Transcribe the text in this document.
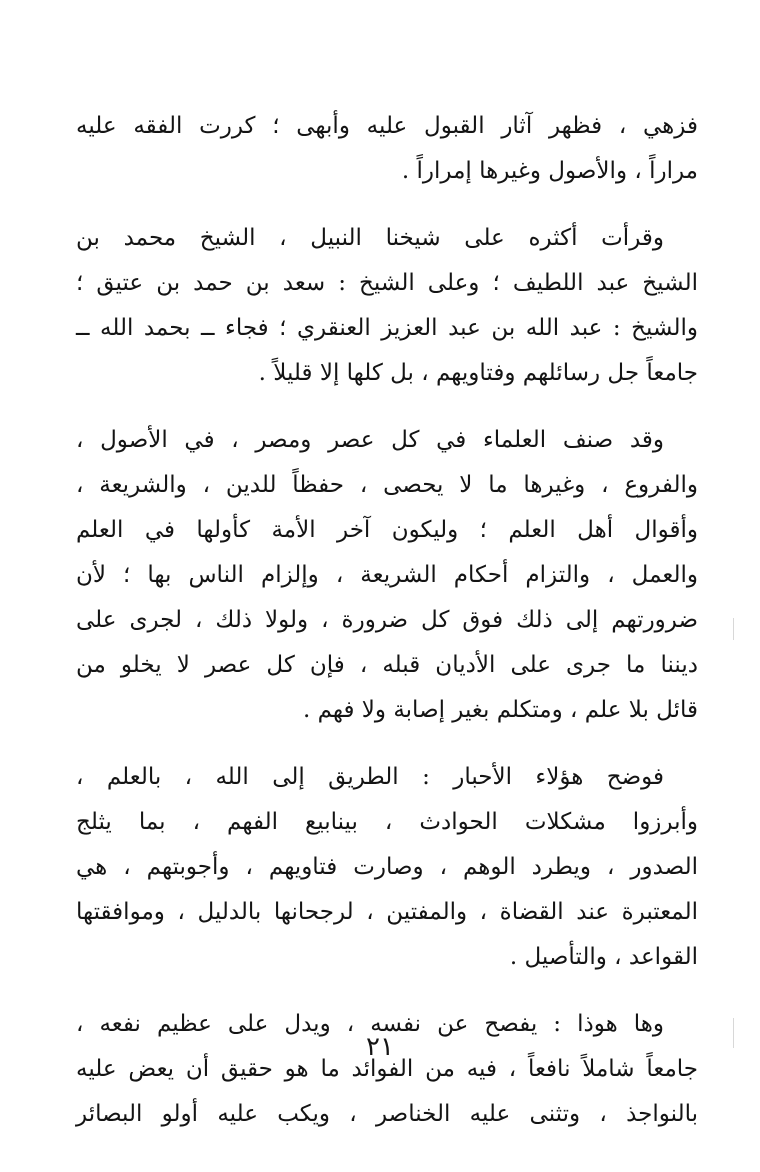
فزهي ، فظهر آثار القبول عليه وأبهى ؛ كررت الفقه عليه
مراراً ، والأصول وغيرها إمراراً .

وقرأت أكثره على شيخنا النبيل ، الشيخ محمد بن
الشيخ عبد اللطيف ؛ وعلى الشيخ : سعد بن حمد بن عتيق ؛
والشيخ : عبد الله بن عبد العزيز العنقري ؛ فجاء ــ بحمد الله ــ
جامعاً جل رسائلهم وفتاويهم ، بل كلها إلا قليلاً .

وقد صنف العلماء في كل عصر ومصر ، في الأصول ،
والفروع ، وغيرها ما لا يحصى ، حفظاً للدين ، والشريعة ،
وأقوال أهل العلم ؛ وليكون آخر الأمة كأولها في العلم
والعمل ، والتزام أحكام الشريعة ، وإلزام الناس بها ؛ لأن
ضرورتهم إلى ذلك فوق كل ضرورة ، ولولا ذلك ، لجرى على
ديننا ما جرى على الأديان قبله ، فإن كل عصر لا يخلو من
قائل بلا علم ، ومتكلم بغير إصابة ولا فهم .

فوضح هؤلاء الأحبار : الطريق إلى الله ، بالعلم ،
وأبرزوا مشكلات الحوادث ، بينابيع الفهم ، بما يثلج
الصدور ، ويطرد الوهم ، وصارت فتاويهم ، وأجوبتهم ، هي
المعتبرة عند القضاة ، والمفتين ، لرجحانها بالدليل ، وموافقتها
القواعد ، والتأصيل .

وها هوذا : يفصح عن نفسه ، ويدل على عظيم نفعه ،
جامعاً شاملاً نافعاً ، فيه من الفوائد ما هو حقيق أن يعض عليه
بالنواجذ ، وتثنى عليه الخناصر ، ويكب عليه أولو البصائر

٢١
